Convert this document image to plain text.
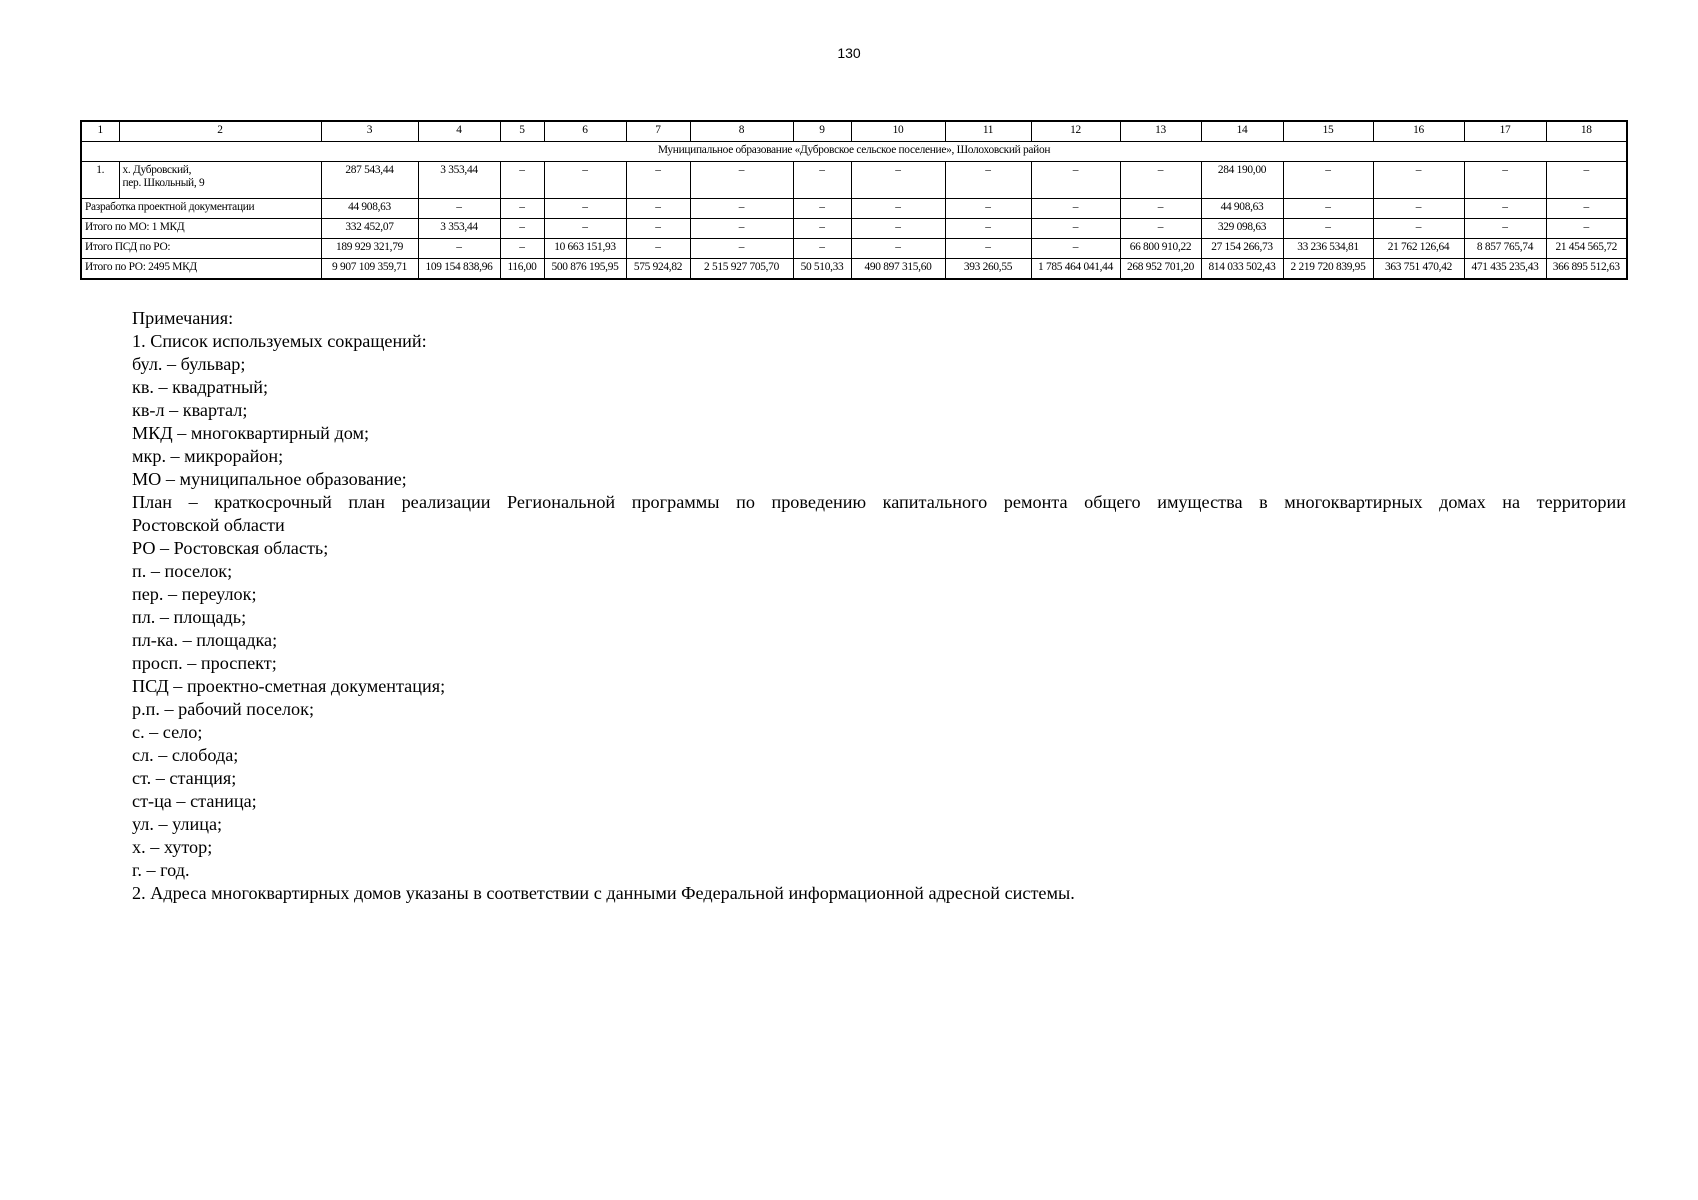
130
1	2	3	4	5	6	7	8	9	10	11	12	13	14	15	16	17	18
Муниципальное образование «Дубровское сельское поселение», Шолоховский район																	
1.	х. Дубровский,
пер. Школьный, 9	287 543,44	3 353,44	–	–	–	–	–	–	–	–	–	284 190,00	–	–	–	–
Разработка проектной документации		44 908,63	–	–	–	–	–	–	–	–	–	–	44 908,63	–	–	–	–
Итого по МО: 1 МКД		332 452,07	3 353,44	–	–	–	–	–	–	–	–	–	329 098,63	–	–	–	–
Итого ПСД по РО:		189 929 321,79	–	–	10 663 151,93	–	–	–	–	–	–	66 800 910,22	27 154 266,73	33 236 534,81	21 762 126,64	8 857 765,74	21 454 565,72
Итого по РО: 2495 МКД		9 907 109 359,71	109 154 838,96	116,00	500 876 195,95	575 924,82	2 515 927 705,70	50 510,33	490 897 315,60	393 260,55	1 785 464 041,44	268 952 701,20	814 033 502,43	2 219 720 839,95	363 751 470,42	471 435 235,43	366 895 512,63
Примечания:
1. Список используемых сокращений:
бул. – бульвар;
кв. – квадратный;
кв-л – квартал;
МКД – многоквартирный дом;
мкр. – микрорайон;
МО – муниципальное образование;
План – краткосрочный план реализации Региональной программы по проведению капитального ремонта общего имущества в многоквартирных домах на территории
Ростовской области
РО – Ростовская область;
п. – поселок;
пер. – переулок;
пл. – площадь;
пл-ка. – площадка;
просп. – проспект;
ПСД – проектно-сметная документация;
р.п. – рабочий поселок;
с. – село;
сл. – слобода;
ст. – станция;
ст-ца – станица;
ул. – улица;
х. – хутор;
г. – год.
2. Адреса многоквартирных домов указаны в соответствии с данными Федеральной информационной адресной системы.
